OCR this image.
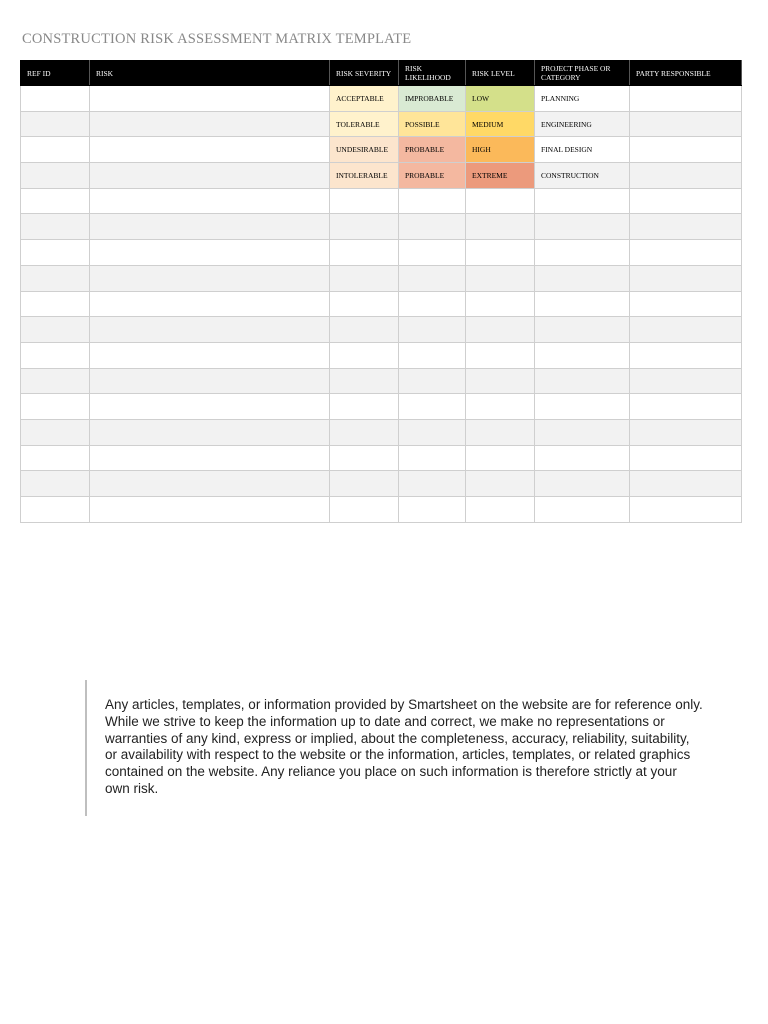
CONSTRUCTION RISK ASSESSMENT MATRIX TEMPLATE
REF ID	RISK	RISK SEVERITY	RISK LIKELIHOOD	RISK LEVEL	PROJECT PHASE OR CATEGORY	PARTY RESPONSIBLE
		ACCEPTABLE	IMPROBABLE	LOW	PLANNING	
		TOLERABLE	POSSIBLE	MEDIUM	ENGINEERING	
		UNDESIRABLE	PROBABLE	HIGH	FINAL DESIGN	
		INTOLERABLE	PROBABLE	EXTREME	CONSTRUCTION	

Any articles, templates, or information provided by Smartsheet on the website are for reference only. While we strive to keep the information up to date and correct, we make no representations or warranties of any kind, express or implied, about the completeness, accuracy, reliability, suitability, or availability with respect to the website or the information, articles, templates, or related graphics contained on the website. Any reliance you place on such information is therefore strictly at your own risk.
